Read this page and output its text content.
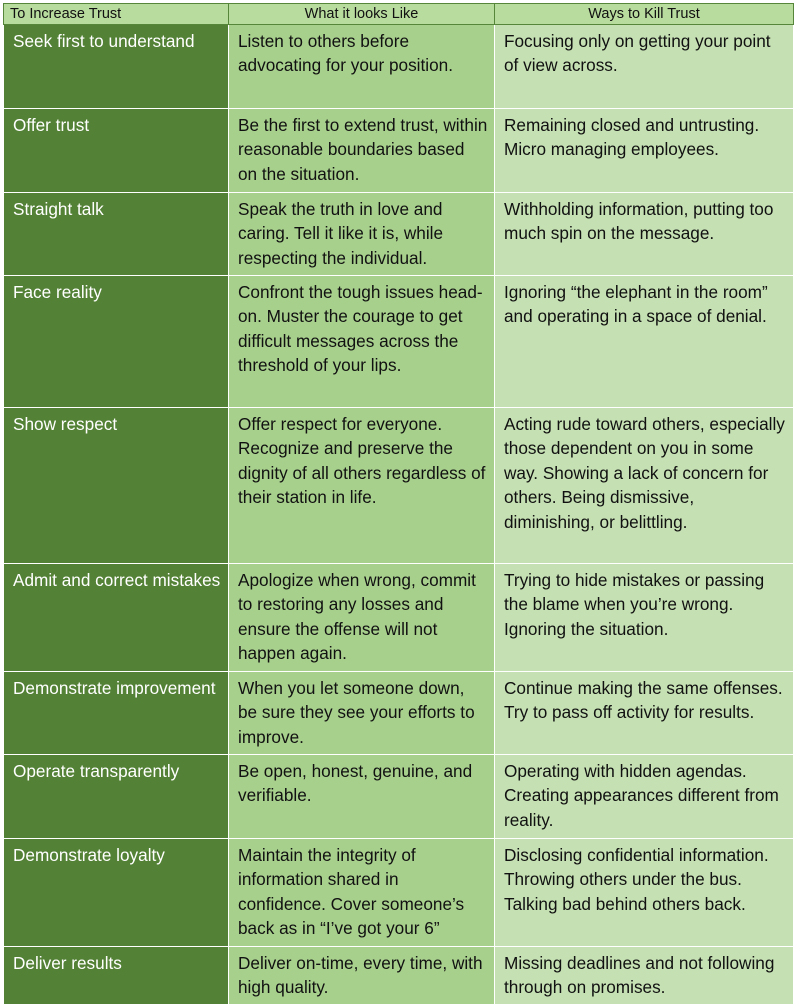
To Increase Trust	What it looks Like	Ways to Kill Trust
Seek first to understand	Listen to others before advocating for your position.	Focusing only on getting your point of view across.
Offer trust	Be the first to extend trust, within reasonable boundaries based on the situation.	Remaining closed and untrusting. Micro managing employees.
Straight talk	Speak the truth in love and caring. Tell it like it is, while respecting the individual.	Withholding information, putting too much spin on the message.
Face reality	Confront the tough issues head-on. Muster the courage to get difficult messages across the threshold of your lips.	Ignoring “the elephant in the room” and operating in a space of denial.
Show respect	Offer respect for everyone. Recognize and preserve the dignity of all others regardless of their station in life.	Acting rude toward others, especially those dependent on you in some way. Showing a lack of concern for others. Being dismissive, diminishing, or belittling.
Admit and correct mistakes	Apologize when wrong, commit to restoring any losses and ensure the offense will not happen again.	Trying to hide mistakes or passing the blame when you’re wrong. Ignoring the situation.
Demonstrate improvement	When you let someone down, be sure they see your efforts to improve.	Continue making the same offenses. Try to pass off activity for results.
Operate transparently	Be open, honest, genuine, and verifiable.	Operating with hidden agendas. Creating appearances different from reality.
Demonstrate loyalty	Maintain the integrity of information shared in confidence. Cover someone’s back as in “I’ve got your 6”	Disclosing confidential information. Throwing others under the bus. Talking bad behind others back.
Deliver results	Deliver on-time, every time, with high quality.	Missing deadlines and not following through on promises.
